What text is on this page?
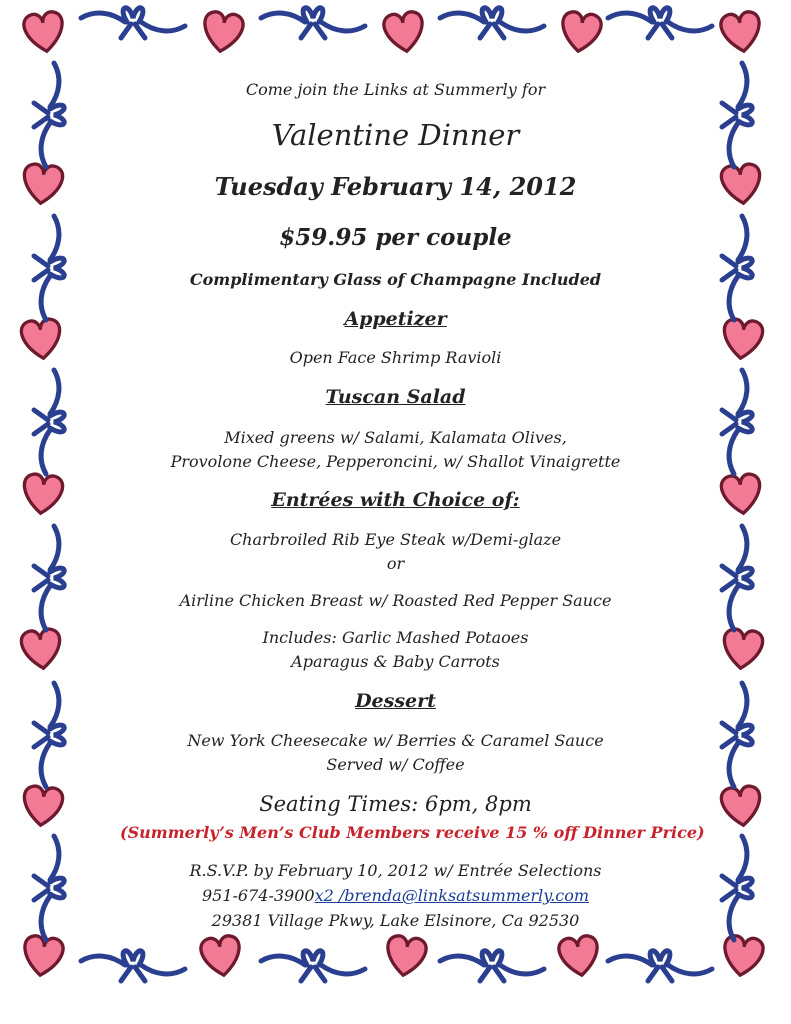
Come join the Links at Summerly for
Valentine Dinner
Tuesday February 14, 2012
$59.95 per couple
Complimentary Glass of Champagne Included
Appetizer
Open Face Shrimp Ravioli
Tuscan Salad
Mixed greens w/ Salami, Kalamata Olives,
Provolone Cheese, Pepperoncini, w/ Shallot Vinaigrette
Entrées with Choice of:
Charbroiled Rib Eye Steak w/Demi-glaze
or
Airline Chicken Breast w/ Roasted Red Pepper Sauce
Includes: Garlic Mashed Potaoes
Aparagus & Baby Carrots
Dessert
New York Cheesecake w/ Berries & Caramel Sauce
Served w/ Coffee
Seating Times: 6pm, 8pm
(Summerly’s Men’s Club Members receive 15 % off Dinner Price)
R.S.V.P. by February 10, 2012 w/ Entrée Selections
951-674-3900x2 /brenda@linksatsummerly.com
29381 Village Pkwy, Lake Elsinore, Ca 92530
